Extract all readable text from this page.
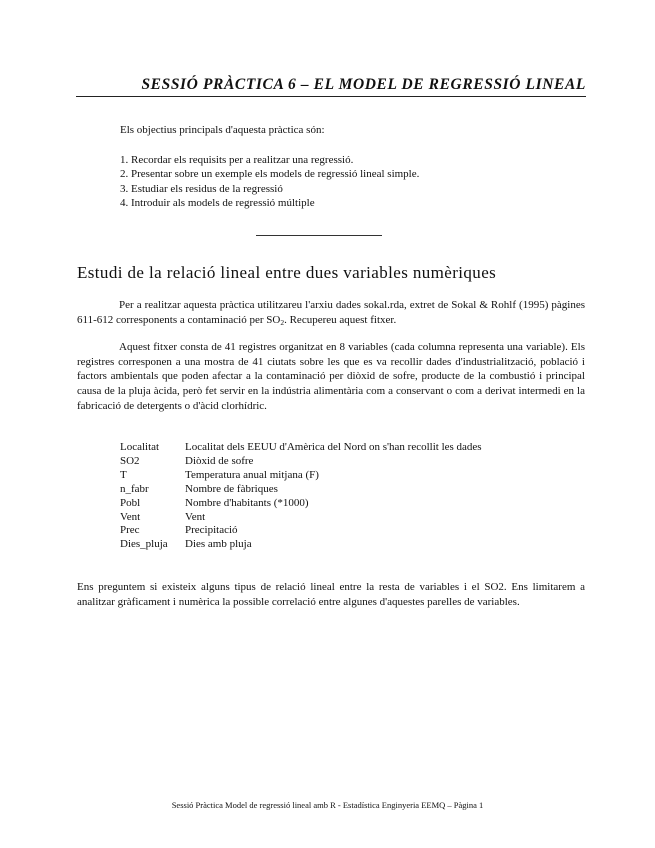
SESSIÓ PRÀCTICA 6 – EL MODEL DE REGRESSIÓ LINEAL
Els objectius principals d'aquesta pràctica són:
1. Recordar els requisits per a realitzar una regressió.
2. Presentar sobre un exemple els models de regressió lineal simple.
3. Estudiar els residus de la regressió
4. Introduir als models de regressió múltiple
Estudi de la relació lineal entre dues variables numèriques

Per a realitzar aquesta pràctica utilitzareu l'arxiu dades sokal.rda, extret de Sokal & Rohlf (1995) pàgines 611-612 corresponents a contaminació per $SO_2$. Recupereu aquest fitxer.

Aquest fitxer consta de 41 registres organitzat en 8 variables (cada columna representa una variable). Els registres corresponen a una mostra de 41 ciutats sobre les que es va recollir dades d'industrialització, població i factors ambientals que poden afectar a la contaminació per diòxid de sofre, producte de la combustió i principal causa de la pluja àcida, però fet servir en la indústria alimentària com a conservant o com a derivat intermedi en la fabricació de detergents o d'àcid clorhídric.

Localitat	Localitat dels EEUU d'Amèrica del Nord on s'han recollit les dades
SO2	Diòxid de sofre
T	Temperatura anual mitjana (F)
n_fabr	Nombre de fàbriques
Pobl	Nombre d'habitants (*1000)
Vent	Vent
Prec	Precipitació
Dies_pluja	Dies amb pluja

Ens preguntem si existeix alguns tipus de relació lineal entre la resta de variables i el SO2. Ens limitarem a analitzar gràficament i numèrica la possible correlació entre algunes d'aquestes parelles de variables.

Sessió Pràctica Model de regressió lineal amb R - Estadística Enginyeria EEMQ – Pàgina 1
